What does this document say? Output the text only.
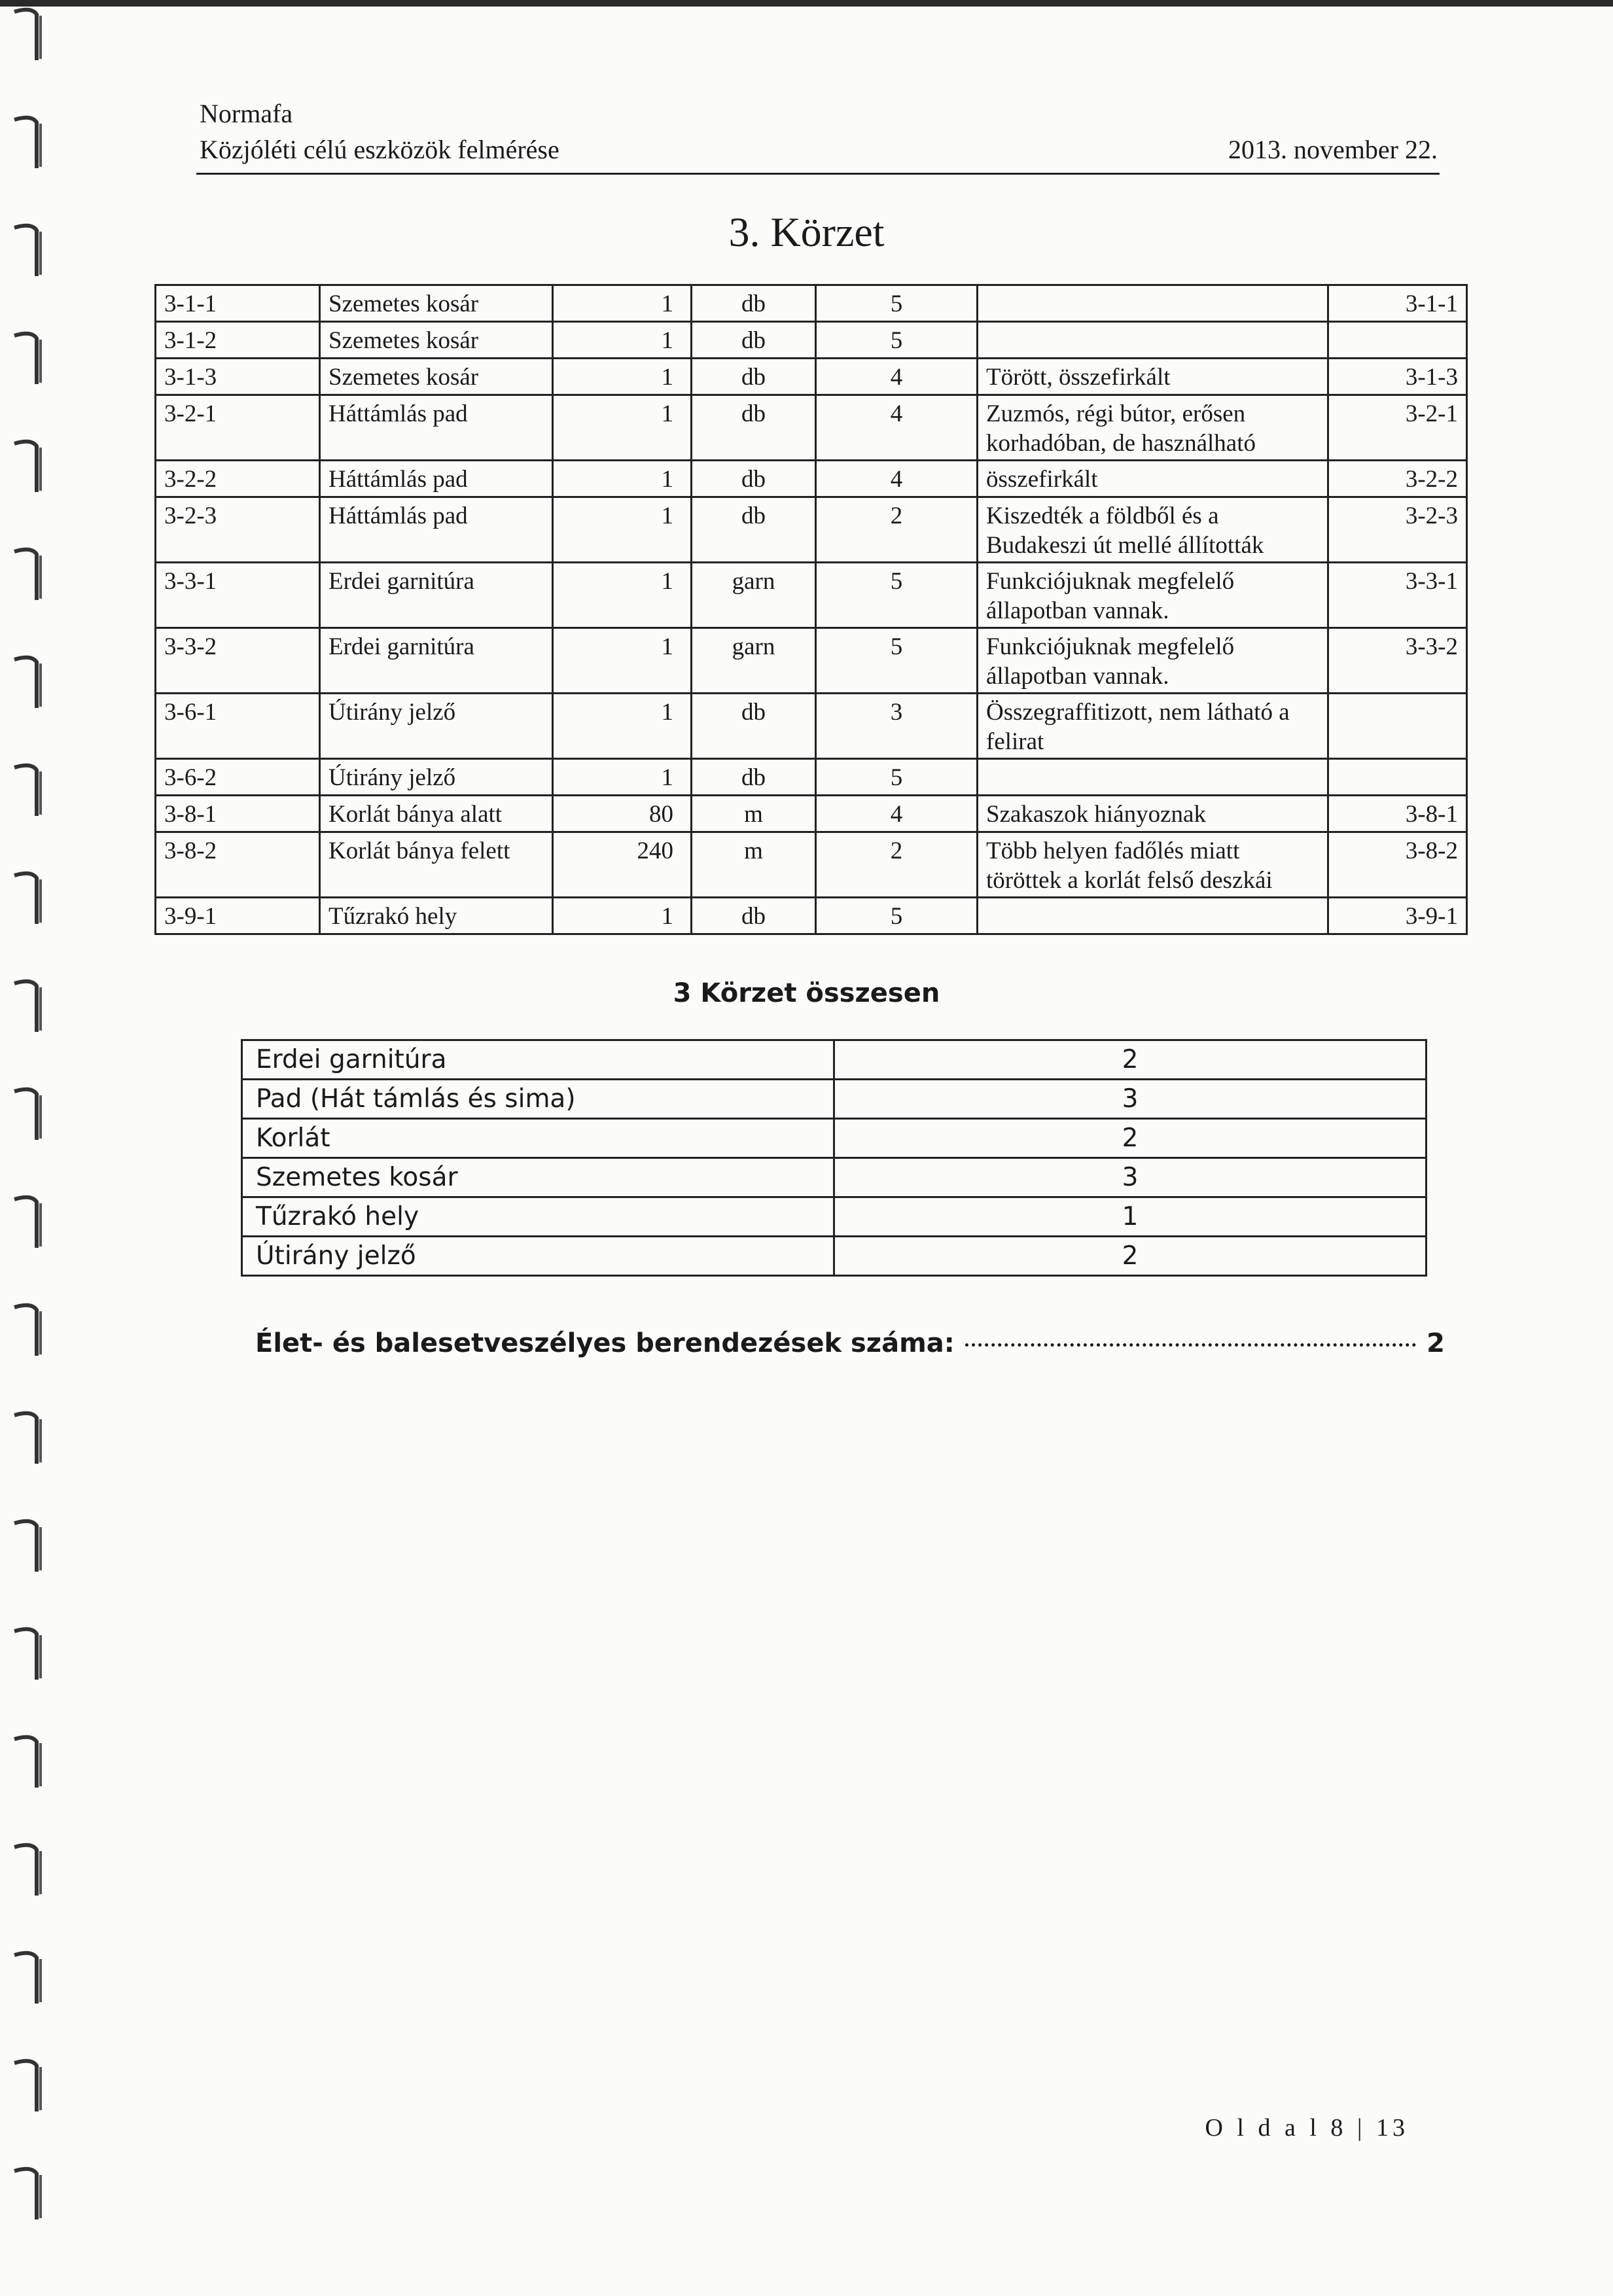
Normafa
Közjóléti célú eszközök felmérése	2013. november 22.
3. Körzet
3-1-1	Szemetes kosár	1	db	5		3-1-1
3-1-2	Szemetes kosár	1	db	5		
3-1-3	Szemetes kosár	1	db	4	Törött, összefirkált	3-1-3
3-2-1	Háttámlás pad	1	db	4	Zuzmós, régi bútor, erősen korhadóban, de használható	3-2-1
3-2-2	Háttámlás pad	1	db	4	összefirkált	3-2-2
3-2-3	Háttámlás pad	1	db	2	Kiszedték a földből és a Budakeszi út mellé állították	3-2-3
3-3-1	Erdei garnitúra	1	garn	5	Funkciójuknak megfelelő állapotban vannak.	3-3-1
3-3-2	Erdei garnitúra	1	garn	5	Funkciójuknak megfelelő állapotban vannak.	3-3-2
3-6-1	Útirány jelző	1	db	3	Összegraffitizott, nem látható a felirat	
3-6-2	Útirány jelző	1	db	5		
3-8-1	Korlát bánya alatt	80	m	4	Szakaszok hiányoznak	3-8-1
3-8-2	Korlát bánya felett	240	m	2	Több helyen fadőlés miatt töröttek a korlát felső deszkái	3-8-2
3-9-1	Tűzrakó hely	1	db	5		3-9-1
3 Körzet összesen
Erdei garnitúra	2
Pad (Hát támlás és sima)	3
Korlát	2
Szemetes kosár	3
Tűzrakó hely	1
Útirány jelző	2
Élet- és balesetveszélyes berendezések száma:	2
O l d a l 8 | 13
